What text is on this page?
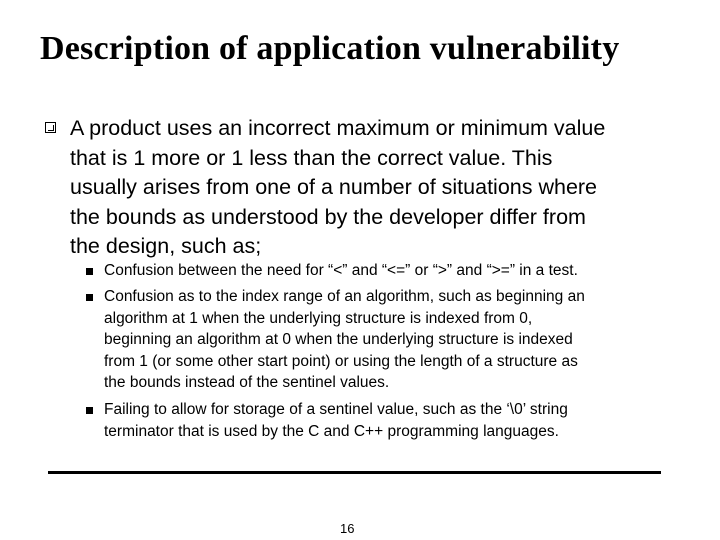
Description of application vulnerability
A product uses an incorrect maximum or minimum value
that is 1 more or 1 less than the correct value. This
usually arises from one of a number of situations where
the bounds as understood by the developer differ from
the design, such as;
Confusion between the need for “<” and “<=” or “>” and “>=” in a test.
Confusion as to the index range of an algorithm, such as beginning an
algorithm at 1 when the underlying structure is indexed from 0,
beginning an algorithm at 0 when the underlying structure is indexed
from 1 (or some other start point) or using the length of a structure as
the bounds instead of the sentinel values.
Failing to allow for storage of a sentinel value, such as the ‘\0’ string
terminator that is used by the C and C++ programming languages.
16
